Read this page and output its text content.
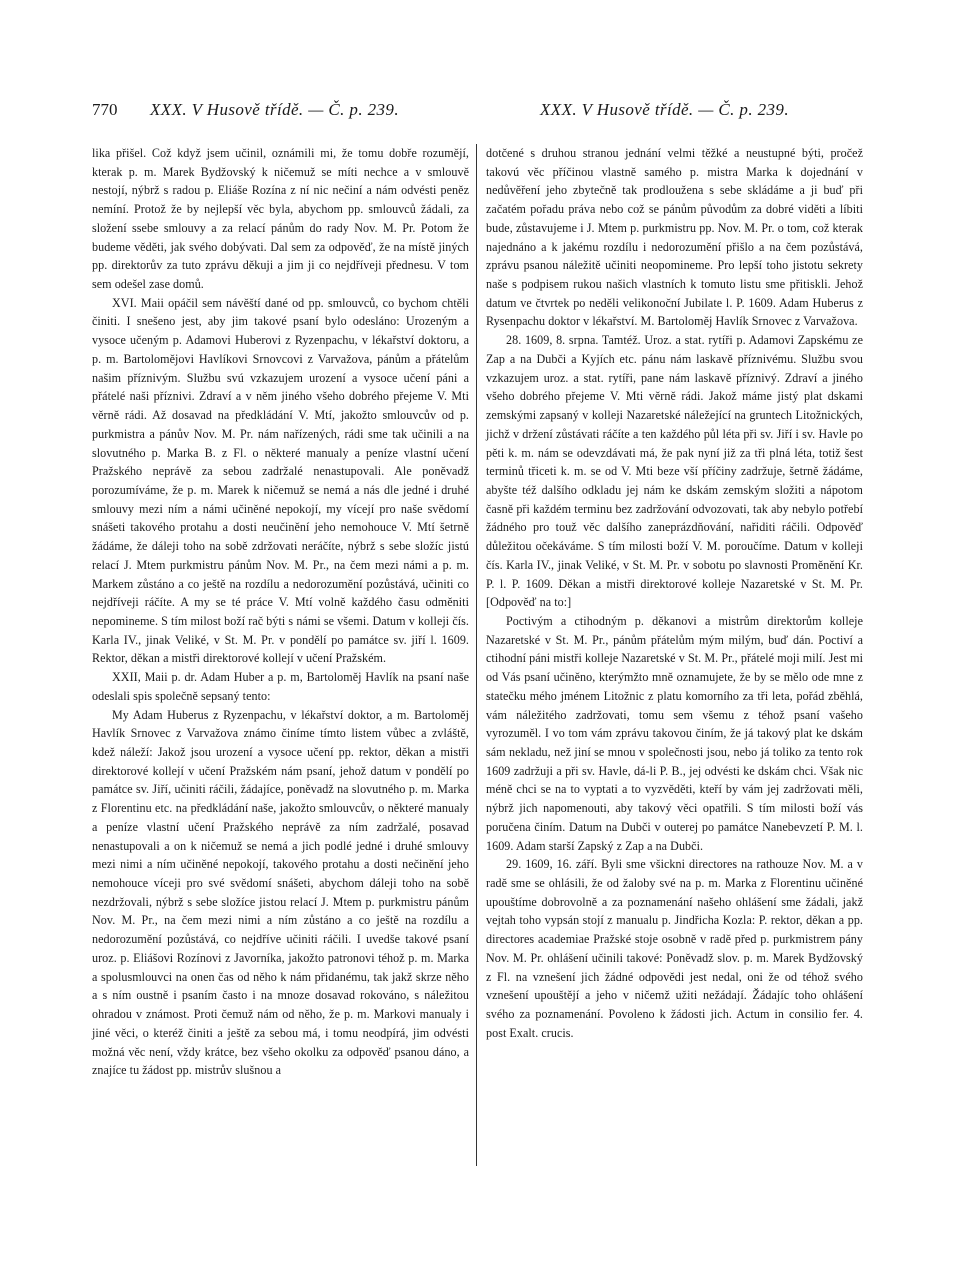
770 XXX. V Husově třídě. — Č. p. 239.	XXX. V Husově třídě. — Č. p. 239.

lika přišel. Což když jsem učinil, oznámili mi, že tomu dobře rozumějí, kterak p. m. Marek Bydžovský k ničemuž se míti nechce a v smlouvě nestojí, nýbrž s radou p. Eliáše Rozína z ní nic nečiní a nám odvésti peněz nemíní. Protož že by nejlepší věc byla, abychom pp. smlouvců žádali, za složení ssebe smlouvy a za relací pánům do rady Nov. M. Pr. Potom že budeme věděti, jak svého dobývati. Dal sem za odpověď, že na místě jiných pp. direktorův za tuto zprávu děkuji a jim ji co nejdříveji přednesu. V tom sem odešel zase domů.

XVI. Maii opáčil sem návěští dané od pp. smlouvců, co bychom chtěli činiti. I snešeno jest, aby jim takové psaní bylo odesláno: Urozeným a vysoce učeným p. Adamovi Huberovi z Ryzenpachu, v lékařství doktoru, a p. m. Bartolomějovi Havlíkovi Srnovcovi z Varvažova, pánům a přátelům našim příznivým. Službu svú vzkazujem urození a vysoce učení páni a přátelé naši příznivi. Zdraví a v něm jiného všeho dobrého přejeme V. Mti věrně rádi. Až dosavad na předkládání V. Mtí, jakožto smlouvcův od p. purkmistra a pánův Nov. M. Pr. nám nařízených, rádi sme tak učinili a na slovutného p. Marka B. z Fl. o některé manualy a peníze vlastní učení Pražského neprávě za sebou zadržalé nenastupovali. Ale poněvadž porozumíváme, že p. m. Marek k ničemuž se nemá a nás dle jedné i druhé smlouvy mezi ním a námi učiněné nepokojí, my vícejí pro naše svědomí snášeti takového protahu a dosti neučinění jeho nemohouce V. Mtí šetrně žádáme, že dáleji toho na sobě zdržovati neráčíte, nýbrž s sebe složíc jistú relací J. Mtem purkmistru pánům Nov. M. Pr., na čem mezi námi a p. m. Markem zůstáno a co ještě na rozdílu a nedorozumění pozůstává, učiniti co nejdříveji ráčíte. A my se té práce V. Mtí volně každého času odměniti nepomineme. S tím milost boží rač býti s námi se všemi. Datum v kolleji čís. Karla IV., jinak Veliké, v St. M. Pr. v pondělí po památce sv. jiří l. 1609. Rektor, děkan a mistři direktorové kollejí v učení Pražském.

XXII, Maii p. dr. Adam Huber a p. m, Bartoloměj Havlík na psaní naše odeslali spis společně sepsaný tento:

My Adam Huberus z Ryzenpachu, v lékařství doktor, a m. Bartoloměj Havlík Srnovec z Varvažova známo činíme tímto listem vůbec a zvláště, kdež náleží: Jakož jsou urození a vysoce učení pp. rektor, děkan a mistři direktorové kollejí v učení Pražském nám psaní, jehož datum v pondělí po památce sv. Jiří, učiniti ráčili, žádajíce, poněvadž na slovutného p. m. Marka z Florentinu etc. na předkládání naše, jakožto smlouvcův, o některé manualy a peníze vlastní učení Pražského neprávě za ním zadržalé, posavad nenastupovali a on k ničemuž se nemá a jich podlé jedné i druhé smlouvy mezi nimi a ním učiněné nepokojí, takového protahu a dosti nečinění jeho nemohouce víceji pro své svědomí snášeti, abychom dáleji toho na sobě nezdržovali, nýbrž s sebe složíce jistou relací J. Mtem p. purkmistru pánům Nov. M. Pr., na čem mezi nimi a ním zůstáno a co ještě na rozdílu a nedorozumění pozůstává, co nejdříve učiniti ráčili. I uvedše takové psaní uroz. p. Eliášovi Rozínovi z Javorníka, jakožto patronovi téhož p. m. Marka a spolusmlouvci na onen čas od něho k nám přidanému, tak jakž skrze něho a s ním oustně i psaním často i na mnoze dosavad rokováno, s náležitou ohradou v známost. Proti čemuž nám od něho, že p. m. Markovi manualy i jiné věci, o kteréž činiti a ještě za sebou má, i tomu neodpírá, jim odvésti možná věc není, vždy krátce, bez všeho okolku za odpověď psanou dáno, a znajíce tu žádost pp. mistrův slušnou a

dotčené s druhou stranou jednání velmi těžké a neustupné býti, pročež takovú věc příčinou vlastně samého p. mistra Marka k dojednání v nedůvěření jeho zbytečně tak prodloužena s sebe skládáme a ji buď při začatém pořadu práva nebo což se pánům původům za dobré viděti a líbiti bude, zůstavujeme i J. Mtem p. purkmistru pp. Nov. M. Pr. o tom, což kterak najednáno a k jakému rozdílu i nedorozumění přišlo a na čem pozůstává, zprávu psanou náležitě učiniti neopomineme. Pro lepší toho jistotu sekrety naše s podpisem rukou našich vlastních k tomuto listu sme přitiskli. Jehož datum ve čtvrtek po neděli velikonoční Jubilate l. P. 1609. Adam Huberus z Rysenpachu doktor v lékařství. M. Bartoloměj Havlík Srnovec z Varvažova.

28. 1609, 8. srpna. Tamtéž. Uroz. a stat. rytíři p. Adamovi Zapskému ze Zap a na Dubči a Kyjích etc. pánu nám laskavě příznivému. Službu svou vzkazujem uroz. a stat. rytíři, pane nám laskavě příznivý. Zdraví a jiného všeho dobrého přejeme V. Mti věrně rádi. Jakož máme jistý plat dskami zemskými zapsaný v kolleji Nazaretské náležející na gruntech Litožnických, jichž v držení zůstávati ráčíte a ten každého půl léta při sv. Jiří i sv. Havle po pěti k. m. nám se odevzdávati má, že pak nyní již za tři plná léta, totiž šest terminů třiceti k. m. se od V. Mti beze vší příčiny zadržuje, šetrně žádáme, abyšte též dalšího odkladu jej nám ke dskám zemským složiti a nápotom časně při každém terminu bez zadržování odvozovati, tak aby nebylo potřebí žádného pro touž věc dalšího zaneprázdňování, nařiditi ráčili. Odpověď důležitou očekáváme. S tím milosti boží V. M. poroučíme. Datum v kolleji čís. Karla IV., jinak Veliké, v St. M. Pr. v sobotu po slavnosti Proměnění Kr. P. l. P. 1609. Děkan a mistři direktorové kolleje Nazaretské v St. M. Pr. [Odpověď na to:]

Poctivým a ctihodným p. děkanovi a mistrům direktorům kolleje Nazaretské v St. M. Pr., pánům přátelům mým milým, buď dán. Poctiví a ctihodní páni mistři kolleje Nazaretské v St. M. Pr., přátelé moji milí. Jest mi od Vás psaní učiněno, kterýmžto mně oznamujete, že by se mělo ode mne z statečku mého jménem Litožnic z platu komorního za tři leta, pořád zběhlá, vám náležitého zadržovati, tomu sem všemu z téhož psaní vašeho vyrozuměl. I vo tom vám zprávu takovou činím, že já takový plat ke dskám sám nekladu, než jiní se mnou v společnosti jsou, nebo já toliko za tento rok 1609 zadržuji a při sv. Havle, dá-li P. B., jej odvésti ke dskám chci. Však nic méně chci se na to vyptati a to vyzvěděti, kteří by vám jej zadržovati měli, nýbrž jich napomenouti, aby takový věci opatřili. S tím milosti boží vás poručena činím. Datum na Dubči v outerej po památce Nanebevzetí P. M. l. 1609. Adam starší Zapský z Zap a na Dubči.

29. 1609, 16. září. Byli sme všickni directores na rathouze Nov. M. a v radě sme se ohlásili, že od žaloby své na p. m. Marka z Florentinu učiněné upouštíme dobrovolně a za poznamenání našeho ohlášení sme žádali, jakž vejtah toho vypsán stojí z manualu p. Jindřicha Kozla: P. rektor, děkan a pp. directores academiae Pražské stoje osobně v radě před p. purkmistrem pány Nov. M. Pr. ohlášení učinili takové: Poněvadž slov. p. m. Marek Bydžovský z Fl. na vznešení jich žádné odpovědi jest nedal, oni že od téhož svého vznešení upouštějí a jeho v ničemž užiti nežádají. Žádajíc toho ohlášení svého za poznamenání. Povoleno k žádosti jich. Actum in consilio fer. 4. post Exalt. crucis.
